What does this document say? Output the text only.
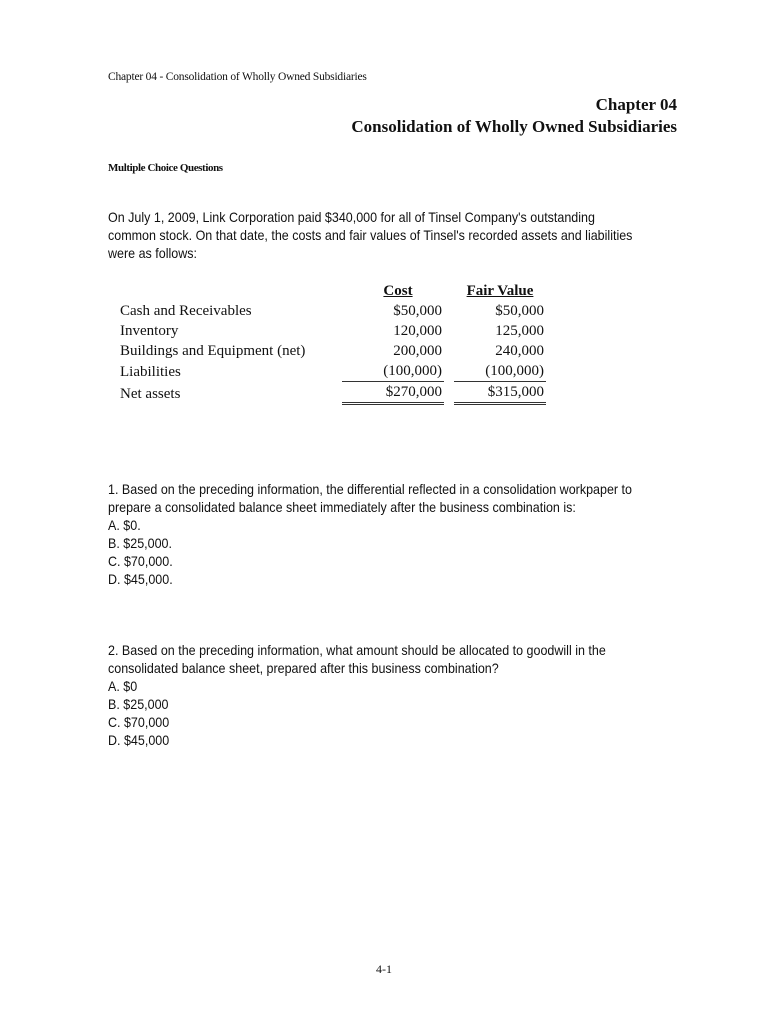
Chapter 04 - Consolidation of Wholly Owned Subsidiaries
Chapter 04
Consolidation of Wholly Owned Subsidiaries
Multiple Choice Questions
On July 1, 2009, Link Corporation paid $340,000 for all of Tinsel Company's outstanding
common stock. On that date, the costs and fair values of Tinsel's recorded assets and liabilities
were as follows:
	Cost		Fair Value
Cash and Receivables	$50,000		$50,000
Inventory	120,000		125,000
Buildings and Equipment (net)	200,000		240,000
Liabilities	(100,000)		(100,000)
Net assets	$270,000		$315,000
1. Based on the preceding information, the differential reflected in a consolidation workpaper to prepare a consolidated balance sheet immediately after the business combination is:
A. $0.
B. $25,000.
C. $70,000.
D. $45,000.
2. Based on the preceding information, what amount should be allocated to goodwill in the consolidated balance sheet, prepared after this business combination?
A. $0
B. $25,000
C. $70,000
D. $45,000
4-1
